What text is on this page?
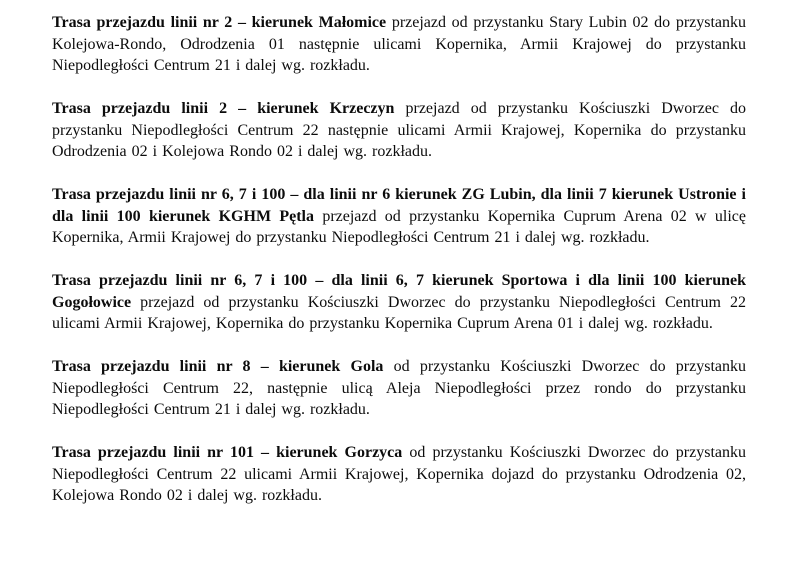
Trasa przejazdu linii nr 2 – kierunek Małomice przejazd od przystanku Stary Lubin 02 do przystanku Kolejowa-Rondo, Odrodzenia 01 następnie ulicami Kopernika, Armii Krajowej do przystanku Niepodległości Centrum 21 i dalej wg. rozkładu.

Trasa przejazdu linii 2 – kierunek Krzeczyn przejazd od przystanku Kościuszki Dworzec do przystanku Niepodległości Centrum 22 następnie ulicami Armii Krajowej, Kopernika do przystanku Odrodzenia 02 i Kolejowa Rondo 02 i dalej wg. rozkładu.

Trasa przejazdu linii nr 6, 7 i 100 – dla linii nr 6 kierunek ZG Lubin, dla linii 7 kierunek Ustronie i dla linii 100 kierunek KGHM Pętla przejazd od przystanku Kopernika Cuprum Arena 02 w ulicę Kopernika, Armii Krajowej do przystanku Niepodległości Centrum 21 i dalej wg. rozkładu.

Trasa przejazdu linii nr 6, 7 i 100 – dla linii 6, 7 kierunek Sportowa i dla linii 100 kierunek Gogołowice przejazd od przystanku Kościuszki Dworzec do przystanku Niepodległości Centrum 22 ulicami Armii Krajowej, Kopernika do przystanku Kopernika Cuprum Arena 01 i dalej wg. rozkładu.

Trasa przejazdu linii nr 8 – kierunek Gola od przystanku Kościuszki Dworzec do przystanku Niepodległości Centrum 22, następnie ulicą Aleja Niepodległości przez rondo do przystanku Niepodległości Centrum 21 i dalej wg. rozkładu.

Trasa przejazdu linii nr 101 – kierunek Gorzyca od przystanku Kościuszki Dworzec do przystanku Niepodległości Centrum 22 ulicami Armii Krajowej, Kopernika dojazd do przystanku Odrodzenia 02, Kolejowa Rondo 02 i dalej wg. rozkładu.
